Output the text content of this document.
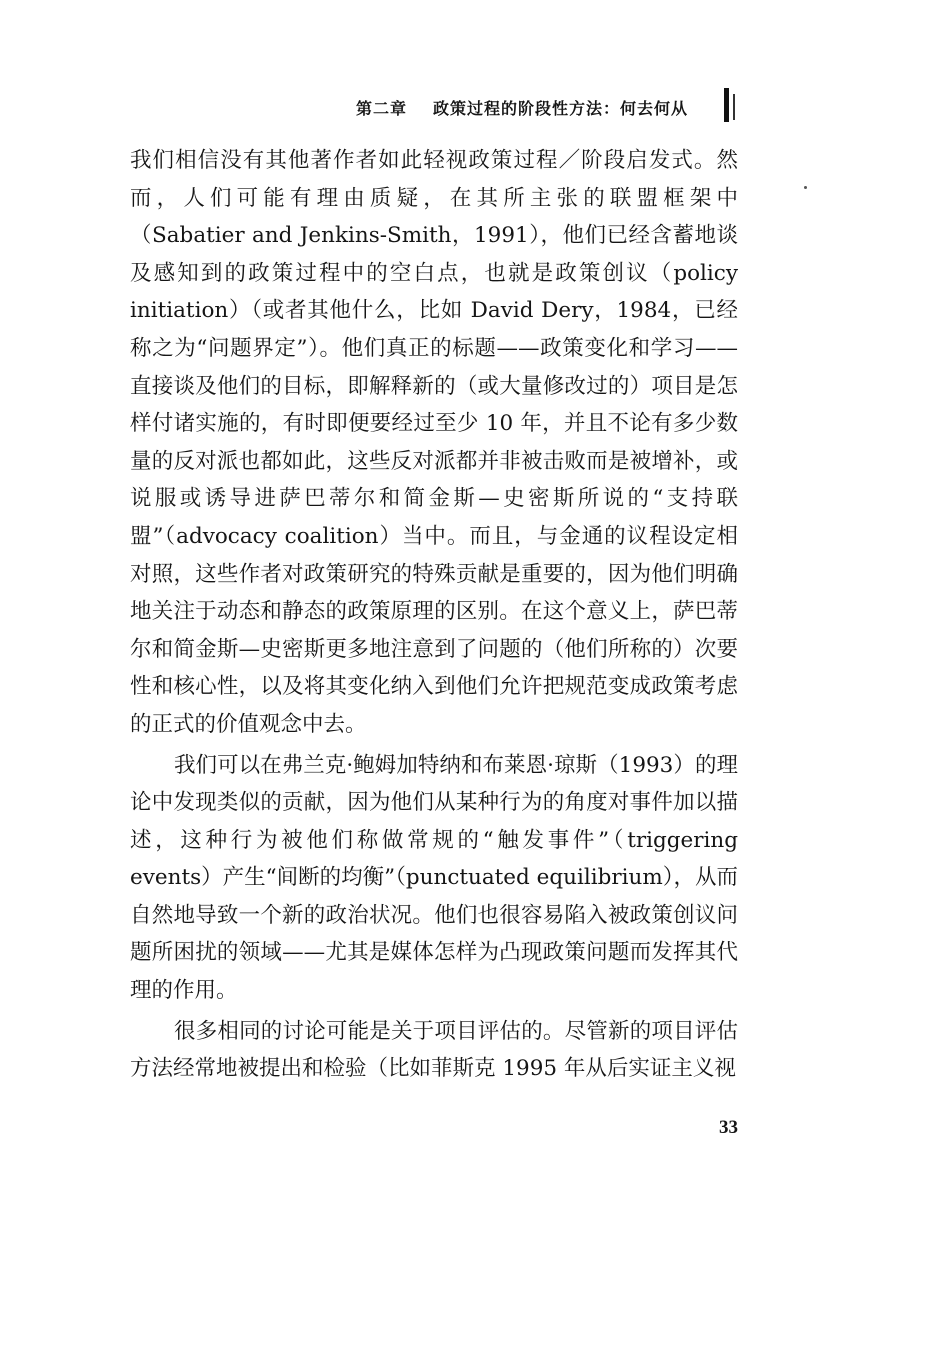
第二章 政策过程的阶段性方法：何去何从

我们相信没有其他著作者如此轻视政策过程／阶段启发式。然而，人们可能有理由质疑，在其所主张的联盟框架中（Sabatier and Jenkins-Smith，1991），他们已经含蓄地谈及感知到的政策过程中的空白点，也就是政策创议（policy initiation）（或者其他什么，比如 David Dery，1984，已经称之为“问题界定”）。他们真正的标题——政策变化和学习——直接谈及他们的目标，即解释新的（或大量修改过的）项目是怎样付诸实施的，有时即便要经过至少 10 年，并且不论有多少数量的反对派也都如此，这些反对派都并非被击败而是被增补，或说服或诱导进萨巴蒂尔和简金斯—史密斯所说的“支持联盟”（advocacy coalition）当中。而且，与金通的议程设定相对照，这些作者对政策研究的特殊贡献是重要的，因为他们明确地关注于动态和静态的政策原理的区别。在这个意义上，萨巴蒂尔和简金斯—史密斯更多地注意到了问题的（他们所称的）次要性和核心性，以及将其变化纳入到他们允许把规范变成政策考虑的正式的价值观念中去。

我们可以在弗兰克·鲍姆加特纳和布莱恩·琼斯（1993）的理论中发现类似的贡献，因为他们从某种行为的角度对事件加以描述，这种行为被他们称做常规的“触发事件”（triggering events）产生“间断的均衡”（punctuated equilibrium），从而自然地导致一个新的政治状况。他们也很容易陷入被政策创议问题所困扰的领域——尤其是媒体怎样为凸现政策问题而发挥其代理的作用。

很多相同的讨论可能是关于项目评估的。尽管新的项目评估方法经常地被提出和检验（比如菲斯克 1995 年从后实证主义视

33
